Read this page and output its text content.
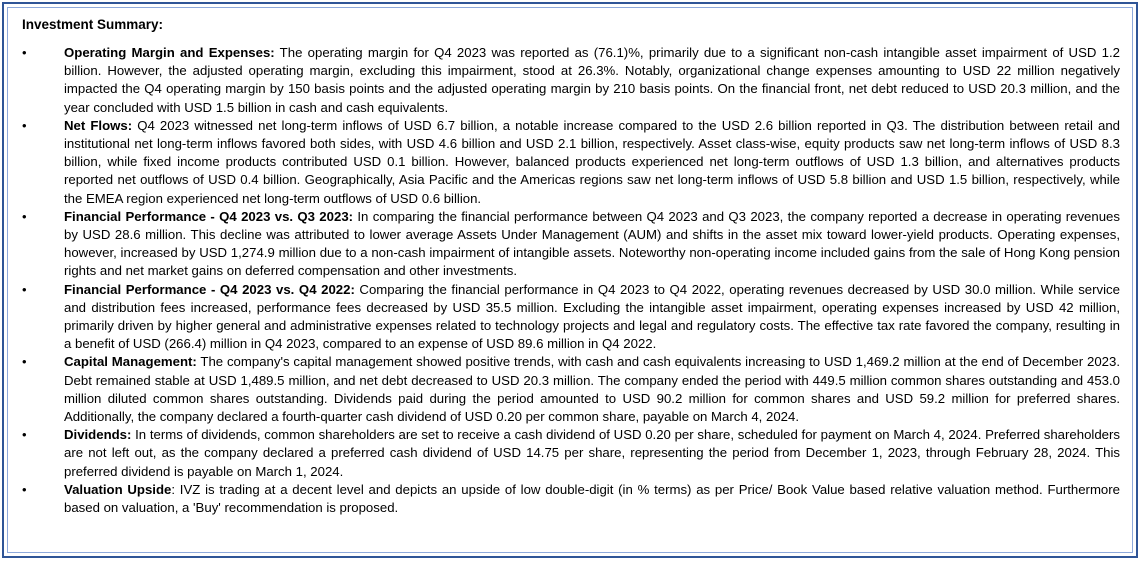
Investment Summary:
•	Operating Margin and Expenses: The operating margin for Q4 2023 was reported as (76.1)%, primarily due to a significant non-cash intangible asset impairment of USD 1.2 billion. However, the adjusted operating margin, excluding this impairment, stood at 26.3%. Notably, organizational change expenses amounting to USD 22 million negatively impacted the Q4 operating margin by 150 basis points and the adjusted operating margin by 210 basis points. On the financial front, net debt reduced to USD 20.3 million, and the year concluded with USD 1.5 billion in cash and cash equivalents.
•	Net Flows: Q4 2023 witnessed net long-term inflows of USD 6.7 billion, a notable increase compared to the USD 2.6 billion reported in Q3. The distribution between retail and institutional net long-term inflows favored both sides, with USD 4.6 billion and USD 2.1 billion, respectively. Asset class-wise, equity products saw net long-term inflows of USD 8.3 billion, while fixed income products contributed USD 0.1 billion. However, balanced products experienced net long-term outflows of USD 1.3 billion, and alternatives products reported net outflows of USD 0.4 billion. Geographically, Asia Pacific and the Americas regions saw net long-term inflows of USD 5.8 billion and USD 1.5 billion, respectively, while the EMEA region experienced net long-term outflows of USD 0.6 billion.
•	Financial Performance - Q4 2023 vs. Q3 2023: In comparing the financial performance between Q4 2023 and Q3 2023, the company reported a decrease in operating revenues by USD 28.6 million. This decline was attributed to lower average Assets Under Management (AUM) and shifts in the asset mix toward lower-yield products. Operating expenses, however, increased by USD 1,274.9 million due to a non-cash impairment of intangible assets. Noteworthy non-operating income included gains from the sale of Hong Kong pension rights and net market gains on deferred compensation and other investments.
•	Financial Performance - Q4 2023 vs. Q4 2022: Comparing the financial performance in Q4 2023 to Q4 2022, operating revenues decreased by USD 30.0 million. While service and distribution fees increased, performance fees decreased by USD 35.5 million. Excluding the intangible asset impairment, operating expenses increased by USD 42 million, primarily driven by higher general and administrative expenses related to technology projects and legal and regulatory costs. The effective tax rate favored the company, resulting in a benefit of USD (266.4) million in Q4 2023, compared to an expense of USD 89.6 million in Q4 2022.
•	Capital Management: The company's capital management showed positive trends, with cash and cash equivalents increasing to USD 1,469.2 million at the end of December 2023. Debt remained stable at USD 1,489.5 million, and net debt decreased to USD 20.3 million. The company ended the period with 449.5 million common shares outstanding and 453.0 million diluted common shares outstanding. Dividends paid during the period amounted to USD 90.2 million for common shares and USD 59.2 million for preferred shares. Additionally, the company declared a fourth-quarter cash dividend of USD 0.20 per common share, payable on March 4, 2024.
•	Dividends: In terms of dividends, common shareholders are set to receive a cash dividend of USD 0.20 per share, scheduled for payment on March 4, 2024. Preferred shareholders are not left out, as the company declared a preferred cash dividend of USD 14.75 per share, representing the period from December 1, 2023, through February 28, 2024. This preferred dividend is payable on March 1, 2024.
•	Valuation Upside: IVZ is trading at a decent level and depicts an upside of low double-digit (in % terms) as per Price/ Book Value based relative valuation method. Furthermore based on valuation, a 'Buy' recommendation is proposed.
